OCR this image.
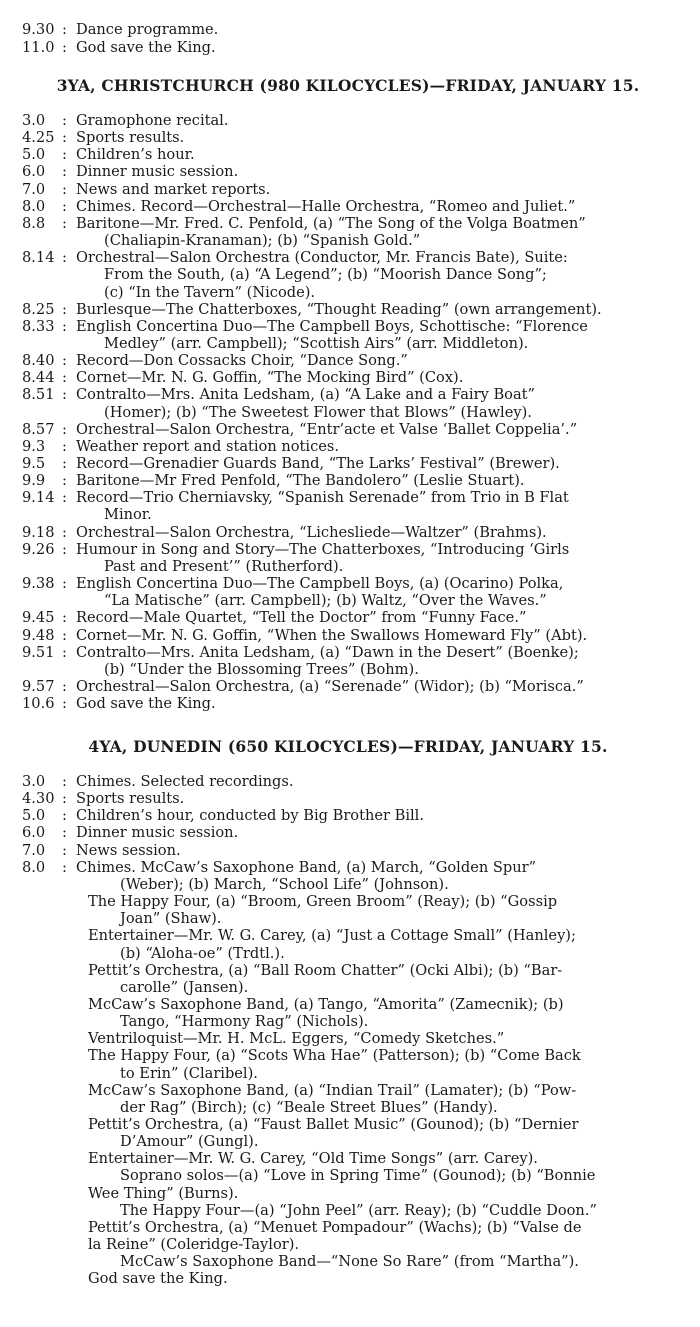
9.30 : Dance programme.
11.0 : God save the King.
3YA, CHRISTCHURCH (980 KILOCYCLES)—FRIDAY, JANUARY 15.
3.0 : Gramophone recital.
4.25 : Sports results.
5.0 : Children’s hour.
6.0 : Dinner music session.
7.0 : News and market reports.
8.0 : Chimes. Record—Orchestral—Halle Orchestra, “Romeo and Juliet.”
8.8 : Baritone—Mr. Fred. C. Penfold, (a) “The Song of the Volga Boatmen”
(Chaliapin-Kranaman); (b) “Spanish Gold.”
8.14 : Orchestral—Salon Orchestra (Conductor, Mr. Francis Bate), Suite:
From the South, (a) “A Legend”; (b) “Moorish Dance Song”;
(c) “In the Tavern” (Nicode).
8.25 : Burlesque—The Chatterboxes, “Thought Reading” (own arrangement).
8.33 : English Concertina Duo—The Campbell Boys, Schottische: “Florence
Medley” (arr. Campbell); “Scottish Airs” (arr. Middleton).
8.40 : Record—Don Cossacks Choir, “Dance Song.”
8.44 : Cornet—Mr. N. G. Goffin, “The Mocking Bird” (Cox).
8.51 : Contralto—Mrs. Anita Ledsham, (a) “A Lake and a Fairy Boat”
(Homer); (b) “The Sweetest Flower that Blows” (Hawley).
8.57 : Orchestral—Salon Orchestra, “Entr’acte et Valse ‘Ballet Coppelia’.”
9.3 : Weather report and station notices.
9.5 : Record—Grenadier Guards Band, “The Larks’ Festival” (Brewer).
9.9 : Baritone—Mr Fred Penfold, “The Bandolero” (Leslie Stuart).
9.14 : Record—Trio Cherniavsky, “Spanish Serenade” from Trio in B Flat
Minor.
9.18 : Orchestral—Salon Orchestra, “Lichesliede—Waltzer” (Brahms).
9.26 : Humour in Song and Story—The Chatterboxes, “Introducing ‘Girls
Past and Present’” (Rutherford).
9.38 : English Concertina Duo—The Campbell Boys, (a) (Ocarino) Polka,
“La Matische” (arr. Campbell); (b) Waltz, “Over the Waves.”
9.45 : Record—Male Quartet, “Tell the Doctor” from “Funny Face.”
9.48 : Cornet—Mr. N. G. Goffin, “When the Swallows Homeward Fly” (Abt).
9.51 : Contralto—Mrs. Anita Ledsham, (a) “Dawn in the Desert” (Boenke);
(b) “Under the Blossoming Trees” (Bohm).
9.57 : Orchestral—Salon Orchestra, (a) “Serenade” (Widor); (b) “Morisca.”
10.6 : God save the King.
4YA, DUNEDIN (650 KILOCYCLES)—FRIDAY, JANUARY 15.
3.0 : Chimes. Selected recordings.
4.30 : Sports results.
5.0 : Children’s hour, conducted by Big Brother Bill.
6.0 : Dinner music session.
7.0 : News session.
8.0 : Chimes. McCaw’s Saxophone Band, (a) March, “Golden Spur”
(Weber); (b) March, “School Life” (Johnson).
The Happy Four, (a) “Broom, Green Broom” (Reay); (b) “Gossip
Joan” (Shaw).
Entertainer—Mr. W. G. Carey, (a) “Just a Cottage Small” (Hanley);
(b) “Aloha-oe” (Trdtl.).
Pettit’s Orchestra, (a) “Ball Room Chatter” (Ocki Albi); (b) “Bar-
carolle” (Jansen).
McCaw’s Saxophone Band, (a) Tango, “Amorita” (Zamecnik); (b)
Tango, “Harmony Rag” (Nichols).
Ventriloquist—Mr. H. McL. Eggers, “Comedy Sketches.”
The Happy Four, (a) “Scots Wha Hae” (Patterson); (b) “Come Back
to Erin” (Claribel).
McCaw’s Saxophone Band, (a) “Indian Trail” (Lamater); (b) “Pow-
der Rag” (Birch); (c) “Beale Street Blues” (Handy).
Pettit’s Orchestra, (a) “Faust Ballet Music” (Gounod); (b) “Dernier
D’Amour” (Gungl).
Entertainer—Mr. W. G. Carey, “Old Time Songs” (arr. Carey).
Soprano solos—(a) “Love in Spring Time” (Gounod); (b) “Bonnie
Wee Thing” (Burns).
The Happy Four—(a) “John Peel” (arr. Reay); (b) “Cuddle Doon.”
Pettit’s Orchestra, (a) “Menuet Pompadour” (Wachs); (b) “Valse de
la Reine” (Coleridge-Taylor).
McCaw’s Saxophone Band—“None So Rare” (from “Martha”).
God save the King.
